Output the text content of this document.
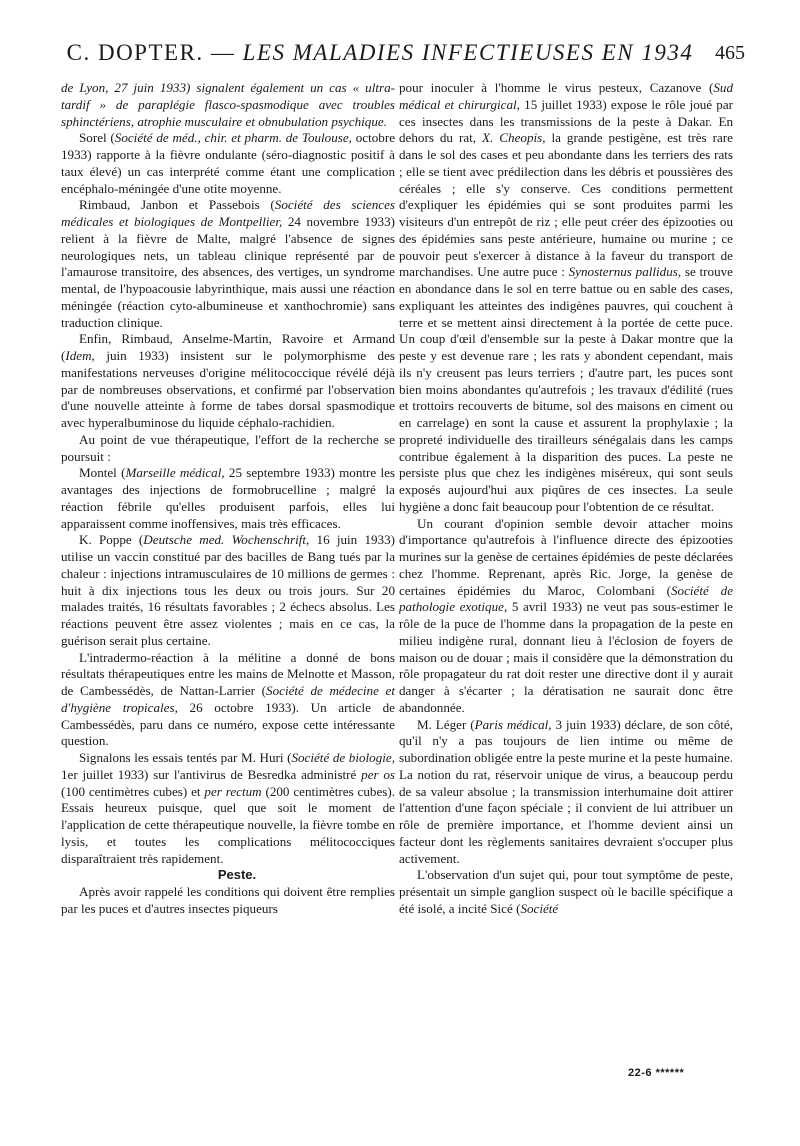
C. DOPTER. — LES MALADIES INFECTIEUSES EN 1934	465

de Lyon, 27 juin 1933) signalent également un cas « ultra-tardif » de paraplégie flasco-spasmodique avec troubles sphinctériens, atrophie musculaire et obnubulation psychique.

Sorel (Société de méd., chir. et pharm. de Toulouse, octobre 1933) rapporte à la fièvre ondulante (séro-diagnostic positif à taux élevé) un cas interprété comme étant une complication encéphalo-méningée d'une otite moyenne.

Rimbaud, Janbon et Passebois (Société des sciences médicales et biologiques de Montpellier, 24 novembre 1933) relient à la fièvre de Malte, malgré l'absence de signes neurologiques nets, un tableau clinique représenté par de l'amaurose transitoire, des absences, des vertiges, un syndrome mental, de l'hypoacousie labyrinthique, mais aussi une réaction méningée (réaction cyto-albumineuse et xanthochromie) sans traduction clinique.

Enfin, Rimbaud, Anselme-Martin, Ravoire et Armand (Idem, juin 1933) insistent sur le polymorphisme des manifestations nerveuses d'origine mélitococcique révélé déjà par de nombreuses observations, et confirmé par l'observation d'une nouvelle atteinte à forme de tabes dorsal spasmodique avec hyperalbuminose du liquide céphalo-rachidien.

Au point de vue thérapeutique, l'effort de la recherche se poursuit :

Montel (Marseille médical, 25 septembre 1933) montre les avantages des injections de formobrucelline ; malgré la réaction fébrile qu'elles produisent parfois, elles lui apparaissent comme inoffensives, mais très efficaces.

K. Poppe (Deutsche med. Wochenschrift, 16 juin 1933) utilise un vaccin constitué par des bacilles de Bang tués par la chaleur : injections intramusculaires de 10 millions de germes : huit à dix injections tous les deux ou trois jours. Sur 20 malades traités, 16 résultats favorables ; 2 échecs absolus. Les réactions peuvent être assez violentes ; mais en ce cas, la guérison serait plus certaine.

L'intradermo-réaction à la mélitine a donné de bons résultats thérapeutiques entre les mains de Melnotte et Masson, de Cambessédès, de Nattan-Larrier (Société de médecine et d'hygiène tropicales, 26 octobre 1933). Un article de Cambessédès, paru dans ce numéro, expose cette intéressante question.

Signalons les essais tentés par M. Huri (Société de biologie, 1er juillet 1933) sur l'antivirus de Besredka administré per os (100 centimètres cubes) et per rectum (200 centimètres cubes). Essais heureux puisque, quel que soit le moment de l'application de cette thérapeutique nouvelle, la fièvre tombe en lysis, et toutes les complications mélitococciques disparaîtraient très rapidement.

Peste.

Après avoir rappelé les conditions qui doivent être remplies par les puces et d'autres insectes piqueurs

pour inoculer à l'homme le virus pesteux, Cazanove (Sud médical et chirurgical, 15 juillet 1933) expose le rôle joué par ces insectes dans les transmissions de la peste à Dakar. En dehors du rat, X. Cheopis, la grande pestigène, est très rare dans le sol des cases et peu abondante dans les terriers des rats ; elle se tient avec prédilection dans les débris et poussières des céréales ; elle s'y conserve. Ces conditions permettent d'expliquer les épidémies qui se sont produites parmi les visiteurs d'un entrepôt de riz ; elle peut créer des épizooties ou des épidémies sans peste antérieure, humaine ou murine ; ce pouvoir peut s'exercer à distance à la faveur du transport de marchandises. Une autre puce : Synosternus pallidus, se trouve en abondance dans le sol en terre battue ou en sable des cases, expliquant les atteintes des indigènes pauvres, qui couchent à terre et se mettent ainsi directement à la portée de cette puce. Un coup d'œil d'ensemble sur la peste à Dakar montre que la peste y est devenue rare ; les rats y abondent cependant, mais ils n'y creusent pas leurs terriers ; d'autre part, les puces sont bien moins abondantes qu'autrefois ; les travaux d'édilité (rues et trottoirs recouverts de bitume, sol des maisons en ciment ou en carrelage) en sont la cause et assurent la prophylaxie ; la propreté individuelle des tirailleurs sénégalais dans les camps contribue également à la disparition des puces. La peste ne persiste plus que chez les indigènes miséreux, qui sont seuls exposés aujourd'hui aux piqûres de ces insectes. La seule hygiène a donc fait beaucoup pour l'obtention de ce résultat.

Un courant d'opinion semble devoir attacher moins d'importance qu'autrefois à l'influence directe des épizooties murines sur la genèse de certaines épidémies de peste déclarées chez l'homme. Reprenant, après Ric. Jorge, la genèse de certaines épidémies du Maroc, Colombani (Société de pathologie exotique, 5 avril 1933) ne veut pas sous-estimer le rôle de la puce de l'homme dans la propagation de la peste en milieu indigène rural, donnant lieu à l'éclosion de foyers de maison ou de douar ; mais il considère que la démonstration du rôle propagateur du rat doit rester une directive dont il y aurait danger à s'écarter ; la dératisation ne saurait donc être abandonnée.

M. Léger (Paris médical, 3 juin 1933) déclare, de son côté, qu'il n'y a pas toujours de lien intime ou même de subordination obligée entre la peste murine et la peste humaine. La notion du rat, réservoir unique de virus, a beaucoup perdu de sa valeur absolue ; la transmission interhumaine doit attirer l'attention d'une façon spéciale ; il convient de lui attribuer un rôle de première importance, et l'homme devient ainsi un facteur dont les règlements sanitaires devraient s'occuper plus activement.

L'observation d'un sujet qui, pour tout symptôme de peste, présentait un simple ganglion suspect où le bacille spécifique a été isolé, a incité Sicé (Société

22-6 ******
